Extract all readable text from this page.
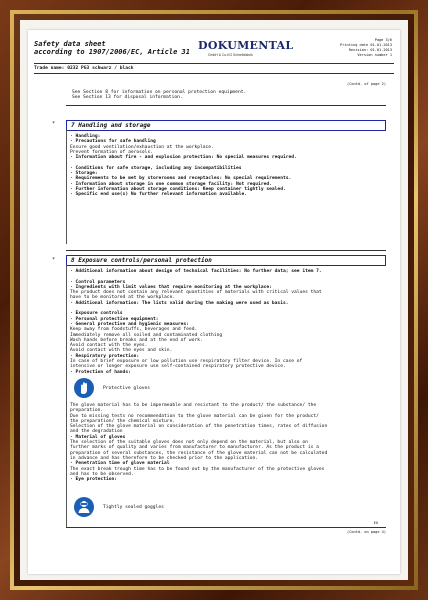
Safety data sheet
according to 1907/2006/EC, Article 31 DOKUMENTAL
GmbH & Co.KG Schreibfabrik
Page 3/6
Printing date 01.01.2013
Revision: 01.01.2013
Version number 1
Trade name: 0232 PG3 schwarz / black
(Contd. of page 2)
See Section 8 for information on personal protection equipment.
See Section 13 for disposal information.
*	7 Handling and storage
· Handling:
· Precautions for safe handling
Ensure good ventilation/exhaustion at the workplace.
Prevent formation of aerosols.
· Information about fire - and explosion protection: No special measures required.

· Conditions for safe storage, including any incompatibilities
· Storage:
· Requirements to be met by storerooms and receptacles: No special requirements.
· Information about storage in one common storage facility: Not required.
· Further information about storage conditions: Keep container tightly sealed.
· Specific end use(s) No further relevant information available.
*	8 Exposure controls/personal protection
· Additional information about design of technical facilities: No further data; see item 7.

· Control parameters
· Ingredients with limit values that require monitoring at the workplace:
The product does not contain any relevant quantities of materials with critical values that
have to be monitored at the workplace.
· Additional information: The lists valid during the making were used as basis.

· Exposure controls
· Personal protective equipment:
· General protective and hygienic measures:
Keep away from foodstuffs, beverages and feed.
Immediately remove all soiled and contaminated clothing
Wash hands before breaks and at the end of work.
Avoid contact with the eyes.
Avoid contact with the eyes and skin.
· Respiratory protection:
In case of brief exposure or low pollution use respiratory filter device. In case of
intensive or longer exposure use self-contained respiratory protective device.
· Protection of hands:
Protective gloves
The glove material has to be impermeable and resistant to the product/ the substance/ the
preparation.
Due to missing tests no recommendation to the glove material can be given for the product/
the preparation/ the chemical mixture.
Selection of the glove material on consideration of the penetration times, rates of diffusion
and the degradation
· Material of gloves
The selection of the suitable gloves does not only depend on the material, but also on
further marks of quality and varies from manufacturer to manufacturer. As the product is a
preparation of several substances, the resistance of the glove material can not be calculated
in advance and has therefore to be checked prior to the application.
· Penetration time of glove material
The exact break trough time has to be found out by the manufacturer of the protective gloves
and has to be observed.
· Eye protection:
Tightly sealed goggles
EU
(Contd. on page 4)
